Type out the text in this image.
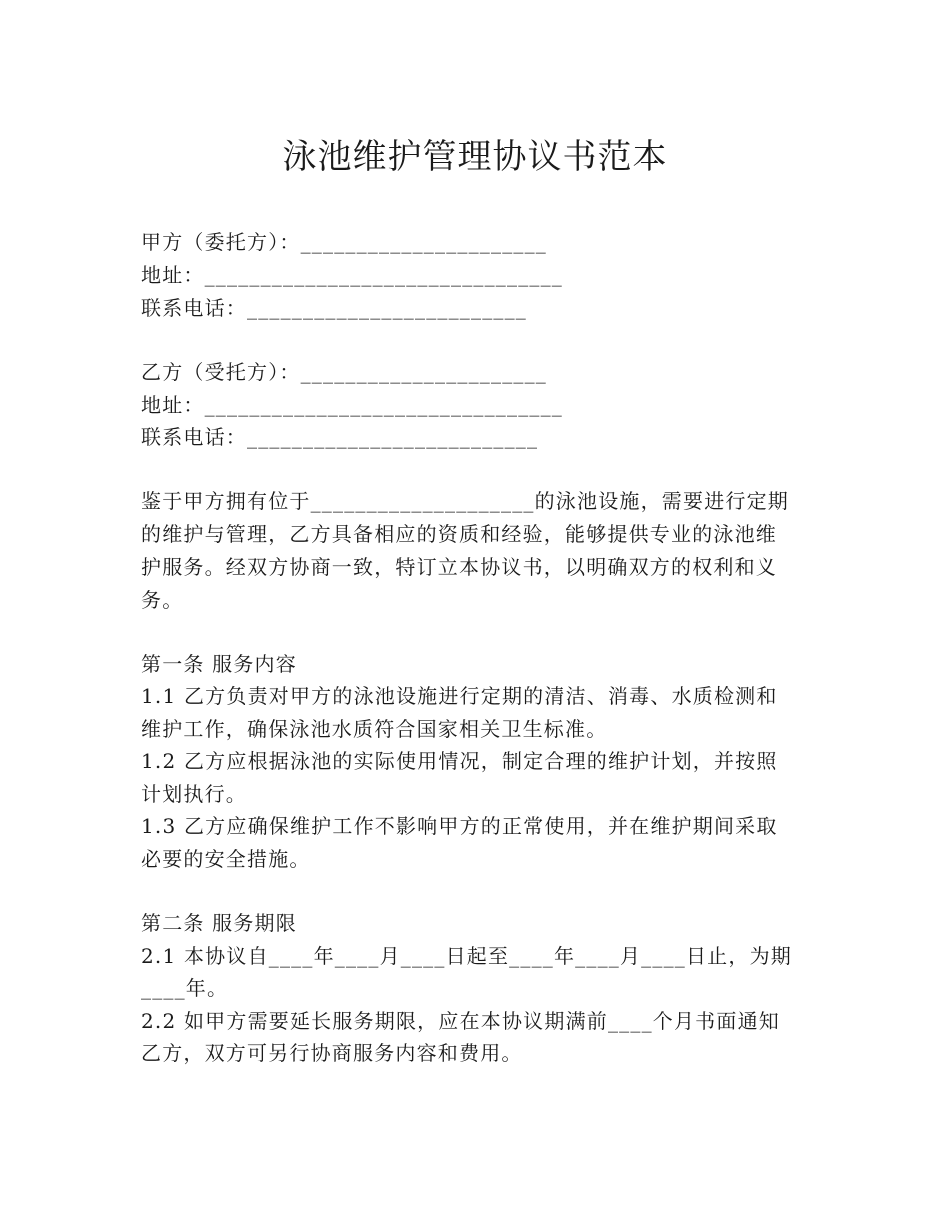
泳池维护管理协议书范本
甲方（委托方）：______________________
地址：________________________________
联系电话：_________________________
乙方（受托方）：______________________
地址：________________________________
联系电话：__________________________
鉴于甲方拥有位于____________________的泳池设施，需要进行定期
的维护与管理，乙方具备相应的资质和经验，能够提供专业的泳池维
护服务。经双方协商一致，特订立本协议书，以明确双方的权利和义
务。
第一条 服务内容
1.1 乙方负责对甲方的泳池设施进行定期的清洁、消毒、水质检测和
维护工作，确保泳池水质符合国家相关卫生标准。
1.2 乙方应根据泳池的实际使用情况，制定合理的维护计划，并按照
计划执行。
1.3 乙方应确保维护工作不影响甲方的正常使用，并在维护期间采取
必要的安全措施。
第二条 服务期限
2.1 本协议自____年____月____日起至____年____月____日止，为期
____年。
2.2 如甲方需要延长服务期限，应在本协议期满前____个月书面通知
乙方，双方可另行协商服务内容和费用。
